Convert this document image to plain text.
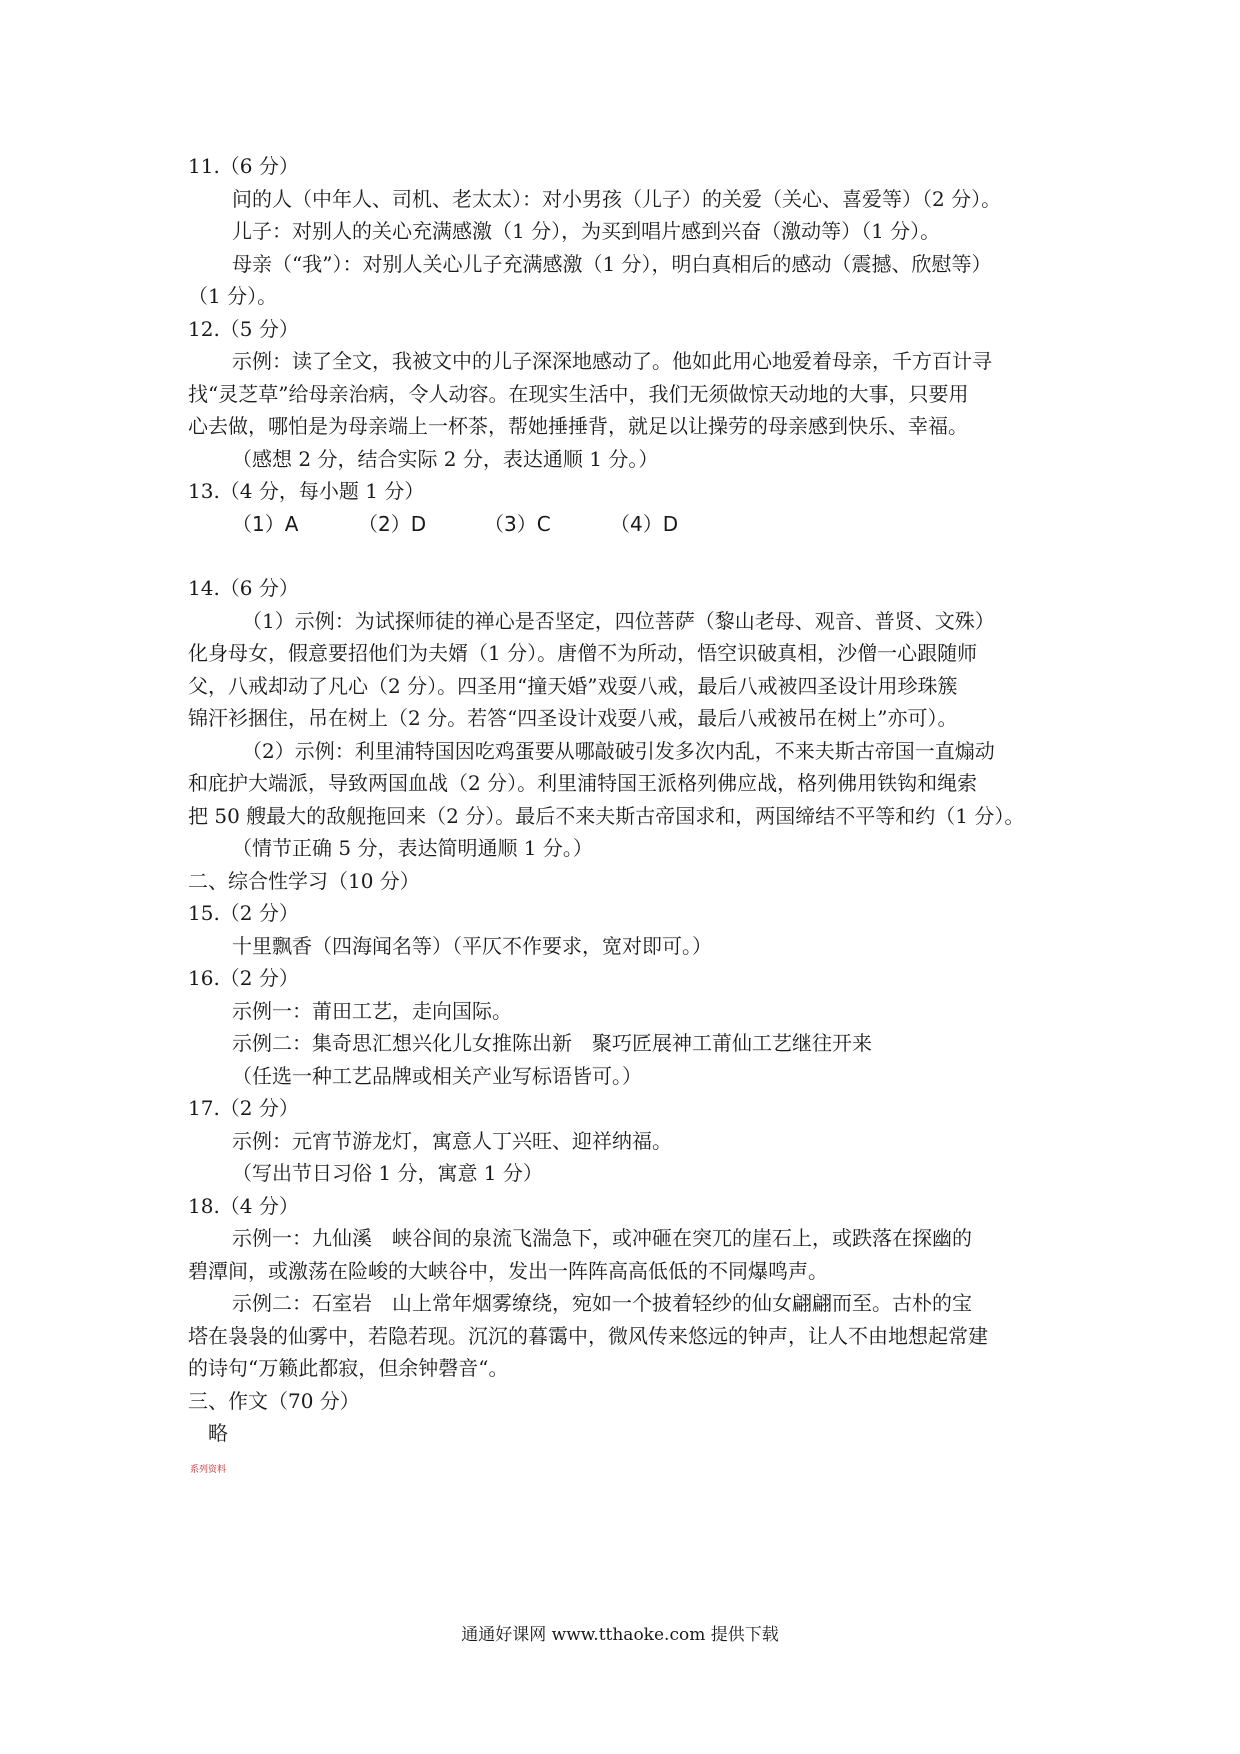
11.（6 分）
问的人（中年人、司机、老太太）：对小男孩（儿子）的关爱（关心、喜爱等）（2 分）。
儿子：对别人的关心充满感激（1 分），为买到唱片感到兴奋（激动等）（1 分）。
母亲（“我”）：对别人关心儿子充满感激（1 分），明白真相后的感动（震撼、欣慰等）
（1 分）。
12.（5 分）
示例：读了全文，我被文中的儿子深深地感动了。他如此用心地爱着母亲，千方百计寻
找“灵芝草”给母亲治病，令人动容。在现实生活中，我们无须做惊天动地的大事，只要用
心去做，哪怕是为母亲端上一杯茶，帮她捶捶背，就足以让操劳的母亲感到快乐、幸福。
（感想 2 分，结合实际 2 分，表达通顺 1 分。）
13.（4 分，每小题 1 分）
（1）A	（2）D	（3）C	（4）D
14.（6 分）
（1）示例：为试探师徒的禅心是否坚定，四位菩萨（黎山老母、观音、普贤、文殊）
化身母女，假意要招他们为夫婿（1 分）。唐僧不为所动，悟空识破真相，沙僧一心跟随师
父，八戒却动了凡心（2 分）。四圣用“撞天婚”戏耍八戒，最后八戒被四圣设计用珍珠簇
锦汗衫捆住，吊在树上（2 分。若答“四圣设计戏耍八戒，最后八戒被吊在树上”亦可）。
（2）示例：利里浦特国因吃鸡蛋要从哪敲破引发多次内乱，不来夫斯古帝国一直煽动
和庇护大端派，导致两国血战（2 分）。利里浦特国王派格列佛应战，格列佛用铁钩和绳索
把 50 艘最大的敌舰拖回来（2 分）。最后不来夫斯古帝国求和，两国缔结不平等和约（1 分）。
（情节正确 5 分，表达简明通顺 1 分。）
二、综合性学习（10 分）
15.（2 分）
十里飘香（四海闻名等）（平仄不作要求，宽对即可。）
16.（2 分）
示例一：莆田工艺，走向国际。
示例二：集奇思汇想兴化儿女推陈出新　聚巧匠展神工莆仙工艺继往开来
（任选一种工艺品牌或相关产业写标语皆可。）
17.（2 分）
示例：元宵节游龙灯，寓意人丁兴旺、迎祥纳福。
（写出节日习俗 1 分，寓意 1 分）
18.（4 分）
示例一：九仙溪　峡谷间的泉流飞湍急下，或冲砸在突兀的崖石上，或跌落在探幽的
碧潭间，或激荡在险峻的大峡谷中，发出一阵阵高高低低的不同爆鸣声。
示例二：石室岩　山上常年烟雾缭绕，宛如一个披着轻纱的仙女翩翩而至。古朴的宝
塔在袅袅的仙雾中，若隐若现。沉沉的暮霭中，微风传来悠远的钟声，让人不由地想起常建
的诗句“万籁此都寂，但余钟磬音“。
三、作文（70 分）
略
系列资料
通通好课网 www.tthaoke.com 提供下载
